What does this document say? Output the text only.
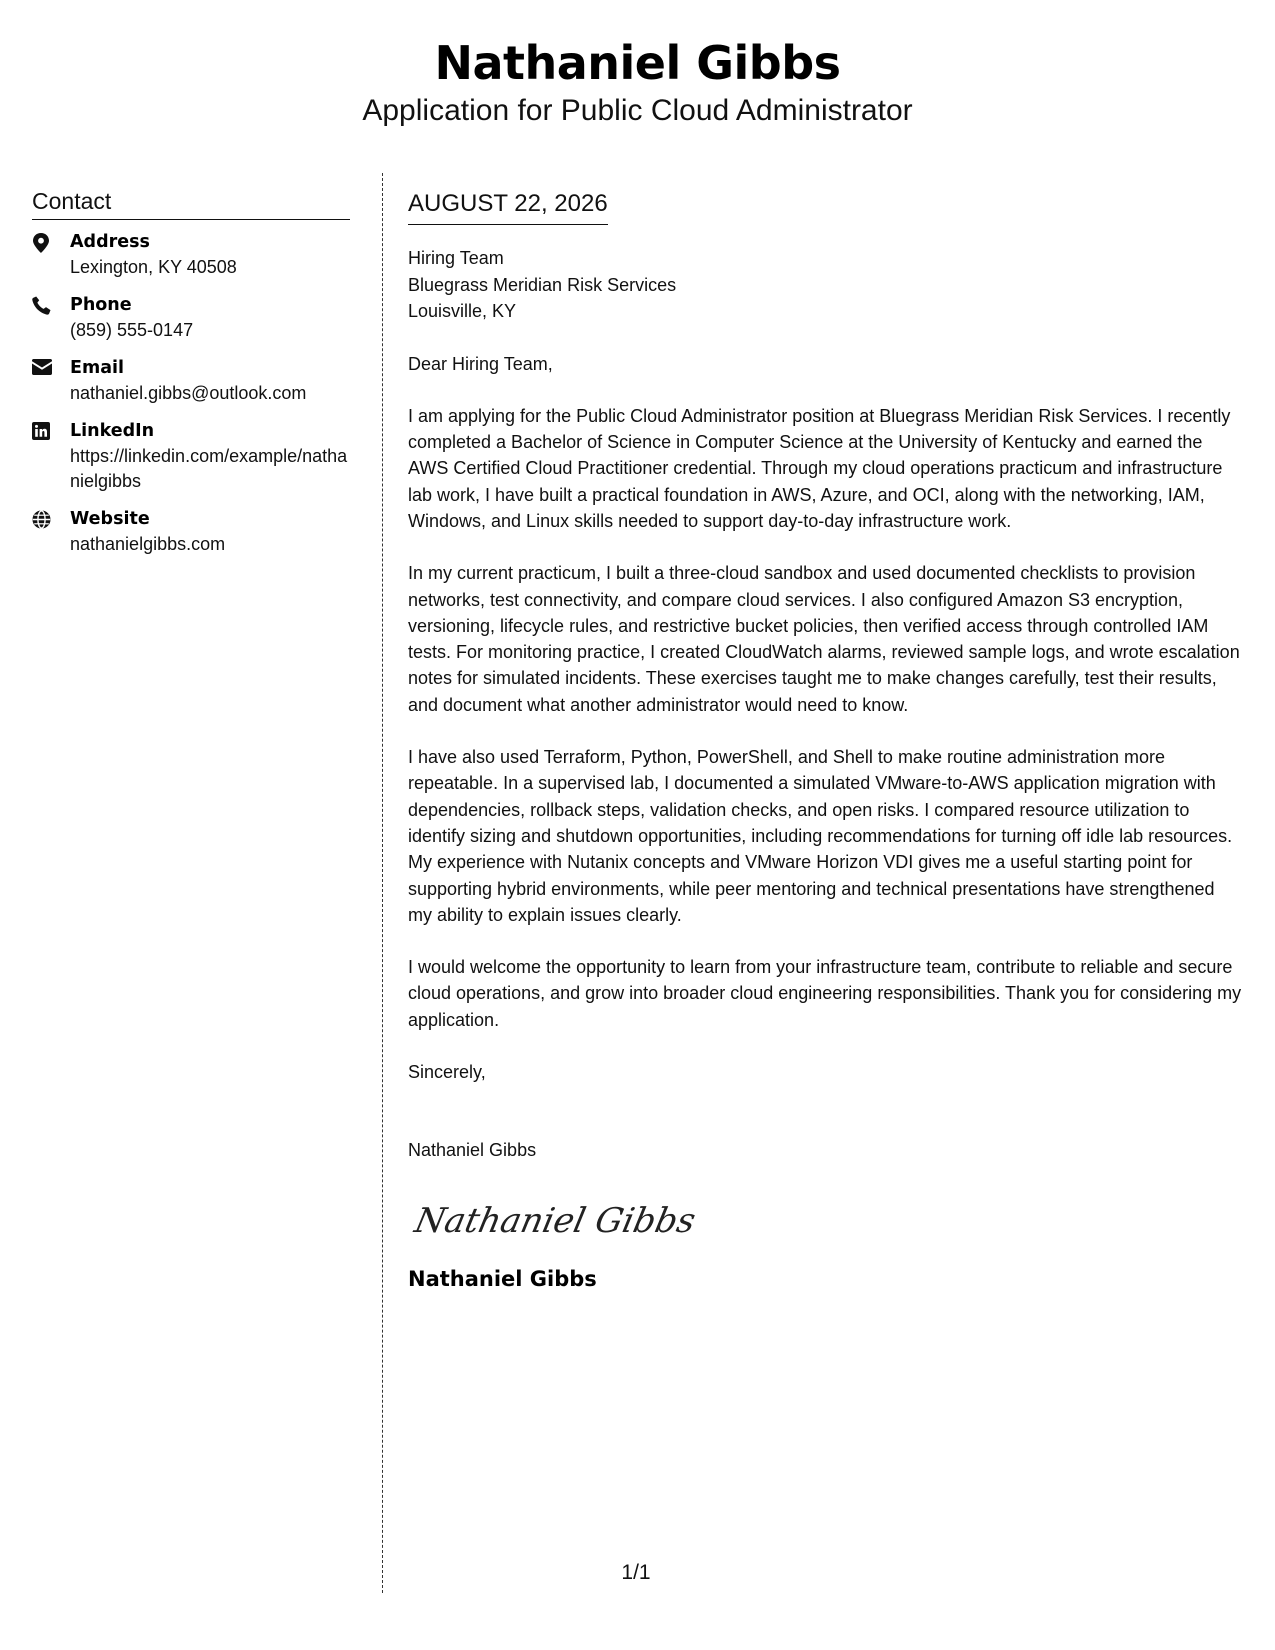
Nathaniel Gibbs
Application for Public Cloud Administrator
Contact
Address
Lexington, KY 40508
Phone
(859) 555-0147
Email
nathaniel.gibbs@outlook.com
LinkedIn
https://linkedin.com/example/nathanielgibbs
Website
nathanielgibbs.com
AUGUST 22, 2026
Hiring Team
Bluegrass Meridian Risk Services
Louisville, KY
Dear Hiring Team,

I am applying for the Public Cloud Administrator position at Bluegrass Meridian Risk Services. I recently completed a Bachelor of Science in Computer Science at the University of Kentucky and earned the AWS Certified Cloud Practitioner credential. Through my cloud operations practicum and infrastructure lab work, I have built a practical foundation in AWS, Azure, and OCI, along with the networking, IAM, Windows, and Linux skills needed to support day-to-day infrastructure work.

In my current practicum, I built a three-cloud sandbox and used documented checklists to provision networks, test connectivity, and compare cloud services. I also configured Amazon S3 encryption, versioning, lifecycle rules, and restrictive bucket policies, then verified access through controlled IAM tests. For monitoring practice, I created CloudWatch alarms, reviewed sample logs, and wrote escalation notes for simulated incidents. These exercises taught me to make changes carefully, test their results, and document what another administrator would need to know.

I have also used Terraform, Python, PowerShell, and Shell to make routine administration more repeatable. In a supervised lab, I documented a simulated VMware-to-AWS application migration with dependencies, rollback steps, validation checks, and open risks. I compared resource utilization to identify sizing and shutdown opportunities, including recommendations for turning off idle lab resources. My experience with Nutanix concepts and VMware Horizon VDI gives me a useful starting point for supporting hybrid environments, while peer mentoring and technical presentations have strengthened my ability to explain issues clearly.

I would welcome the opportunity to learn from your infrastructure team, contribute to reliable and secure cloud operations, and grow into broader cloud engineering responsibilities. Thank you for considering my application.

Sincerely,
Nathaniel Gibbs
Nathaniel Gibbs
Nathaniel Gibbs
1/1
